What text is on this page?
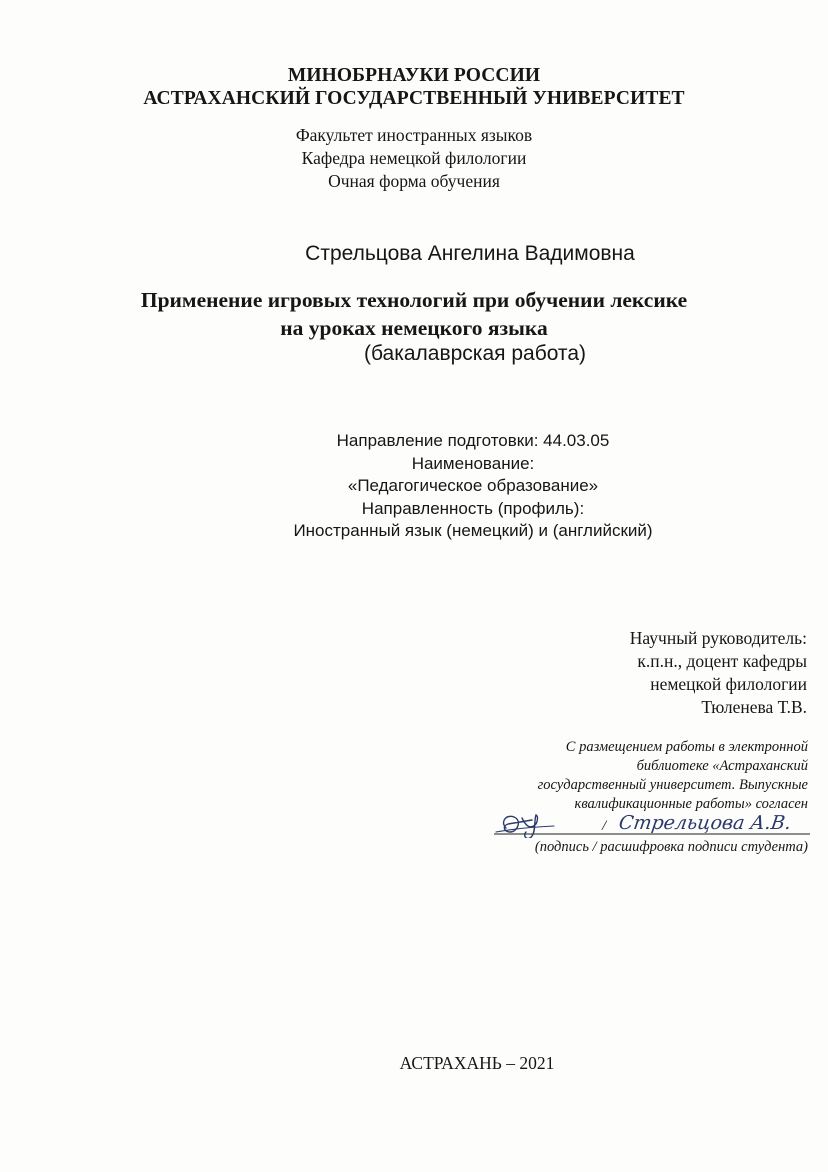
МИНОБРНАУКИ РОССИИ
АСТРАХАНСКИЙ ГОСУДАРСТВЕННЫЙ УНИВЕРСИТЕТ
Факультет иностранных языков
Кафедра немецкой филологии
Очная форма обучения
Стрельцова Ангелина Вадимовна
Применение игровых технологий при обучении лексике
на уроках немецкого языка
(бакалаврская работа)
Направление подготовки: 44.03.05
Наименование:
«Педагогическое образование»
Направленность (профиль):
Иностранный язык (немецкий) и (английский)
Научный руководитель:
к.п.н., доцент кафедры
немецкой филологии
Тюленева Т.В.
С размещением работы в электронной
библиотеке «Астраханский
государственный университет. Выпускные
квалификационные работы» согласен
/ Стрельцова А.В.
(подпись / расшифровка подписи студента)
АСТРАХАНЬ – 2021
